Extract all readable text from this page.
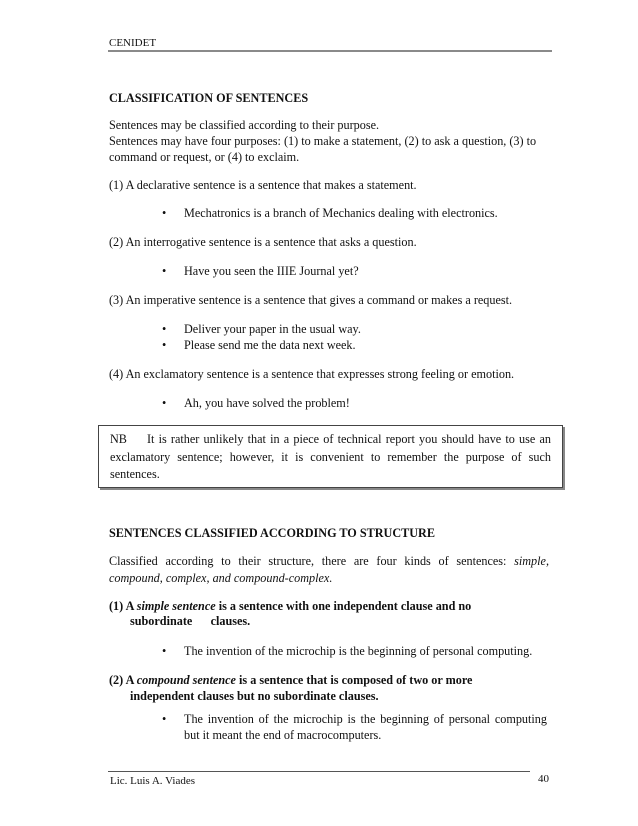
CENIDET
CLASSIFICATION OF SENTENCES
Sentences may be classified according to their purpose.
Sentences may have four purposes: (1) to make a statement, (2) to ask a question, (3) to
command or request, or (4) to exclaim.
(1) A declarative sentence is a sentence that makes a statement.
• Mechatronics is a branch of Mechanics dealing with electronics.
(2) An interrogative sentence is a sentence that asks a question.
• Have you seen the IIIE Journal yet?
(3) An imperative sentence is a sentence that gives a command or makes a request.
• Deliver your paper in the usual way.
• Please send me the data next week.
(4) An exclamatory sentence is a sentence that expresses strong feeling or emotion.
• Ah, you have solved the problem!
NB It is rather unlikely that in a piece of technical report you should have to use an exclamatory sentence; however, it is convenient to remember the purpose of such sentences.
SENTENCES CLASSIFIED ACCORDING TO STRUCTURE
Classified according to their structure, there are four kinds of sentences: simple, compound, complex, and compound-complex.
(1) A simple sentence is a sentence with one independent clause and no
subordinate      clauses.
• The invention of the microchip is the beginning of personal computing.
(2) A compound sentence is a sentence that is composed of two or more
independent clauses but no subordinate clauses.
• The invention of the microchip is the beginning of personal computing
but it meant the end of macrocomputers.
Lic. Luis A. Viades	40
